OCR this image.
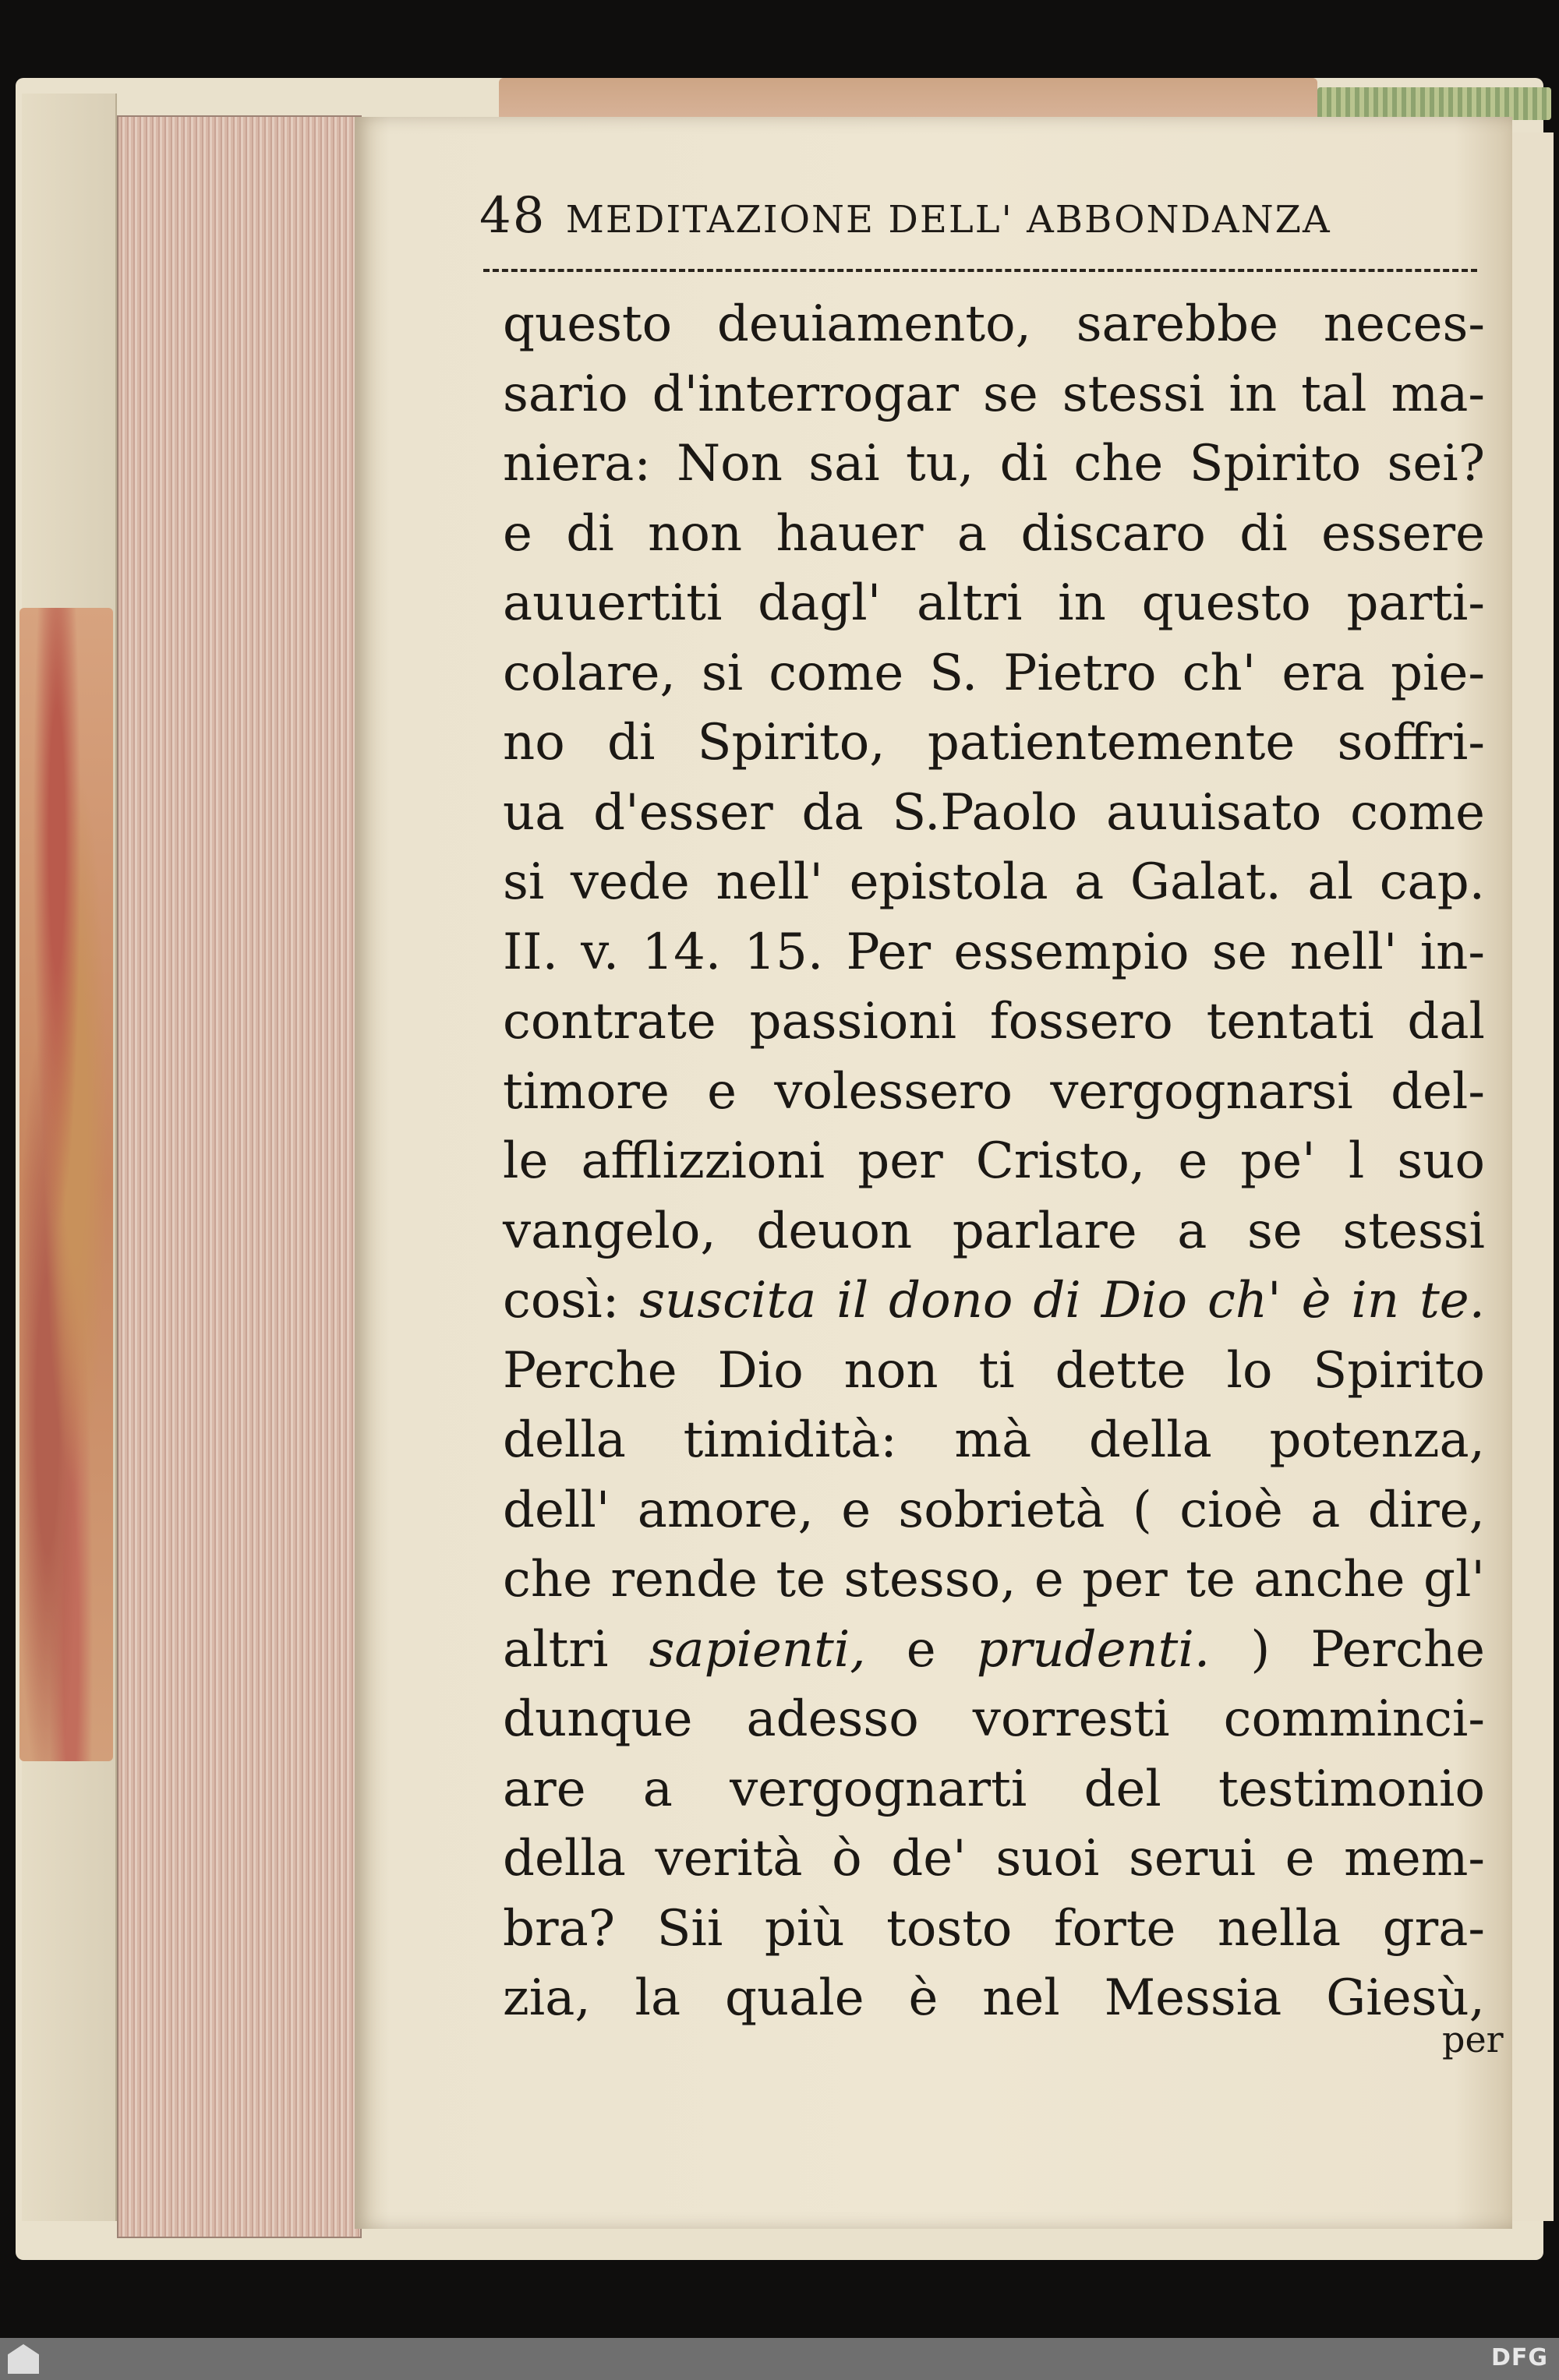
48 MEDITAZIONE DELL' ABBONDANZA
questo deuiamento, sarebbe neces-
sario d'interrogar se stessi in tal ma-
niera: Non sai tu, di che Spirito sei?
e di non hauer a discaro di essere
auuertiti dagl' altri in questo parti-
colare, si come S. Pietro ch' era pie-
no di Spirito, patientemente soffri-
ua d'esser da S.Paolo auuisato come
si vede nell' epistola a Galat. al cap.
II. v. 14. 15. Per essempio se nell' in-
contrate passioni fossero tentati dal
timore e volessero vergognarsi del-
le afflizzioni per Cristo, e pe' l suo
vangelo, deuon parlare a se stessi
così: suscita il dono di Dio ch' è in te.
Perche Dio non ti dette lo Spirito
della timidità: mà della potenza,
dell' amore, e sobrietà ( cioè a dire,
che rende te stesso, e per te anche gl'
altri sapienti, e prudenti. ) Perche
dunque adesso vorresti comminci-
are a vergognarti del testimonio
della verità ò de' suoi serui e mem-
bra? Sii più tosto forte nella gra-
zia, la quale è nel Messia Giesù,
per
DFG
